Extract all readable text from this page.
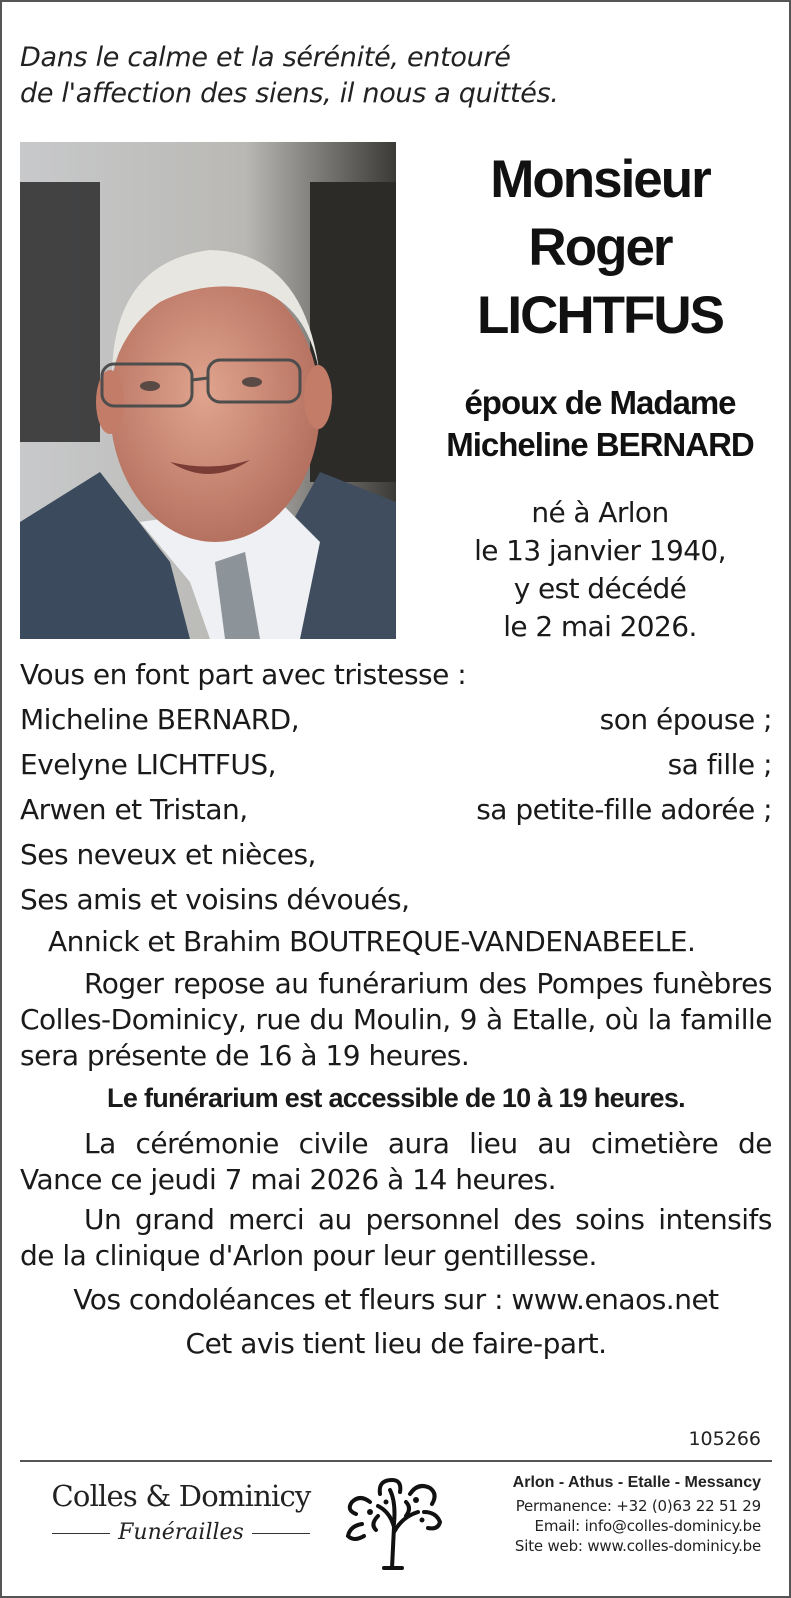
Dans le calme et la sérénité, entouré
de l'affection des siens, il nous a quittés.
Monsieur
Roger
LICHTFUS
époux de Madame
Micheline BERNARD
né à Arlon
le 13 janvier 1940,
y est décédé
le 2 mai 2026.
Vous en font part avec tristesse :
Micheline BERNARD,	son épouse ;
Evelyne LICHTFUS,	sa fille ;
Arwen et Tristan,	sa petite-fille adorée ;
Ses neveux et nièces,
Ses amis et voisins dévoués,
Annick et Brahim BOUTREQUE-VANDENABEELE.
Roger repose au funérarium des Pompes funèbres Colles-Dominicy, rue du Moulin, 9 à Etalle, où la famille sera présente de 16 à 19 heures.
Le funérarium est accessible de 10 à 19 heures.
La cérémonie civile aura lieu au cimetière de Vance ce jeudi 7 mai 2026 à 14 heures.
Un grand merci au personnel des soins intensifs de la clinique d'Arlon pour leur gentillesse.
Vos condoléances et fleurs sur : www.enaos.net
Cet avis tient lieu de faire-part.
105266
Colles & Dominicy
Funérailles
Arlon - Athus - Etalle - Messancy
Permanence: +32 (0)63 22 51 29
Email: info@colles-dominicy.be
Site web: www.colles-dominicy.be
